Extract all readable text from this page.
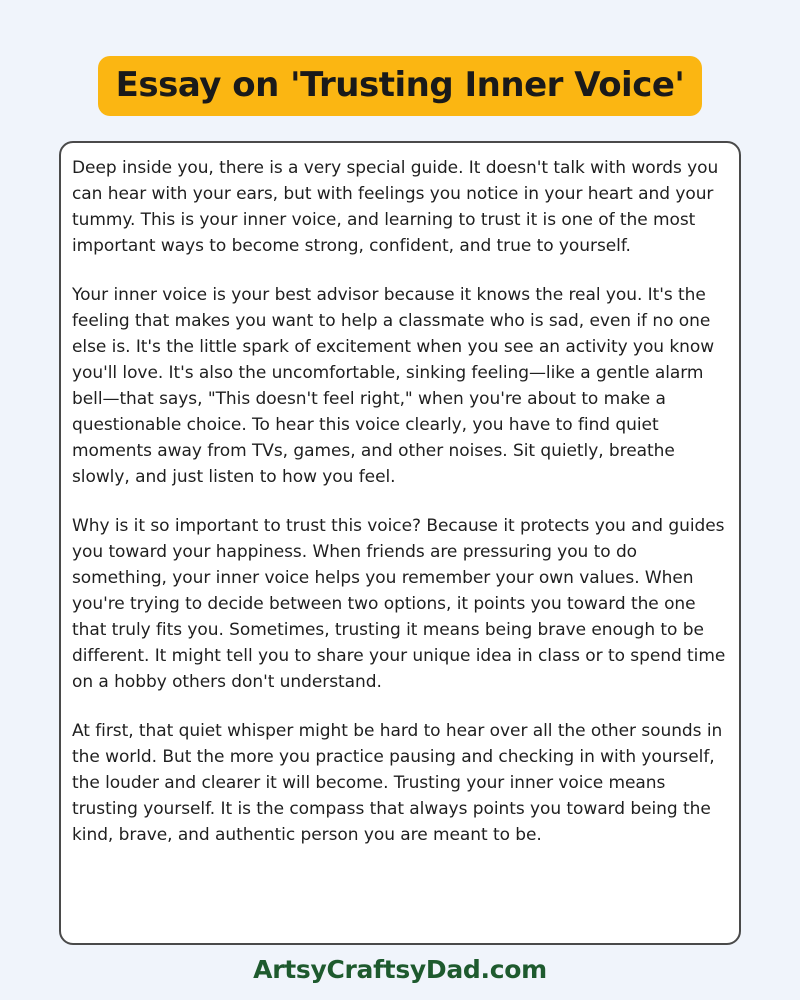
Essay on 'Trusting Inner Voice'

Deep inside you, there is a very special guide. It doesn't talk with words you can hear with your ears, but with feelings you notice in your heart and your tummy. This is your inner voice, and learning to trust it is one of the most important ways to become strong, confident, and true to yourself.

Your inner voice is your best advisor because it knows the real you. It's the feeling that makes you want to help a classmate who is sad, even if no one else is. It's the little spark of excitement when you see an activity you know you'll love. It's also the uncomfortable, sinking feeling—like a gentle alarm bell—that says, "This doesn't feel right," when you're about to make a questionable choice. To hear this voice clearly, you have to find quiet moments away from TVs, games, and other noises. Sit quietly, breathe slowly, and just listen to how you feel.

Why is it so important to trust this voice? Because it protects you and guides you toward your happiness. When friends are pressuring you to do something, your inner voice helps you remember your own values. When you're trying to decide between two options, it points you toward the one that truly fits you. Sometimes, trusting it means being brave enough to be different. It might tell you to share your unique idea in class or to spend time on a hobby others don't understand.

At first, that quiet whisper might be hard to hear over all the other sounds in the world. But the more you practice pausing and checking in with yourself, the louder and clearer it will become. Trusting your inner voice means trusting yourself. It is the compass that always points you toward being the kind, brave, and authentic person you are meant to be.

ArtsyCraftsyDad.com
